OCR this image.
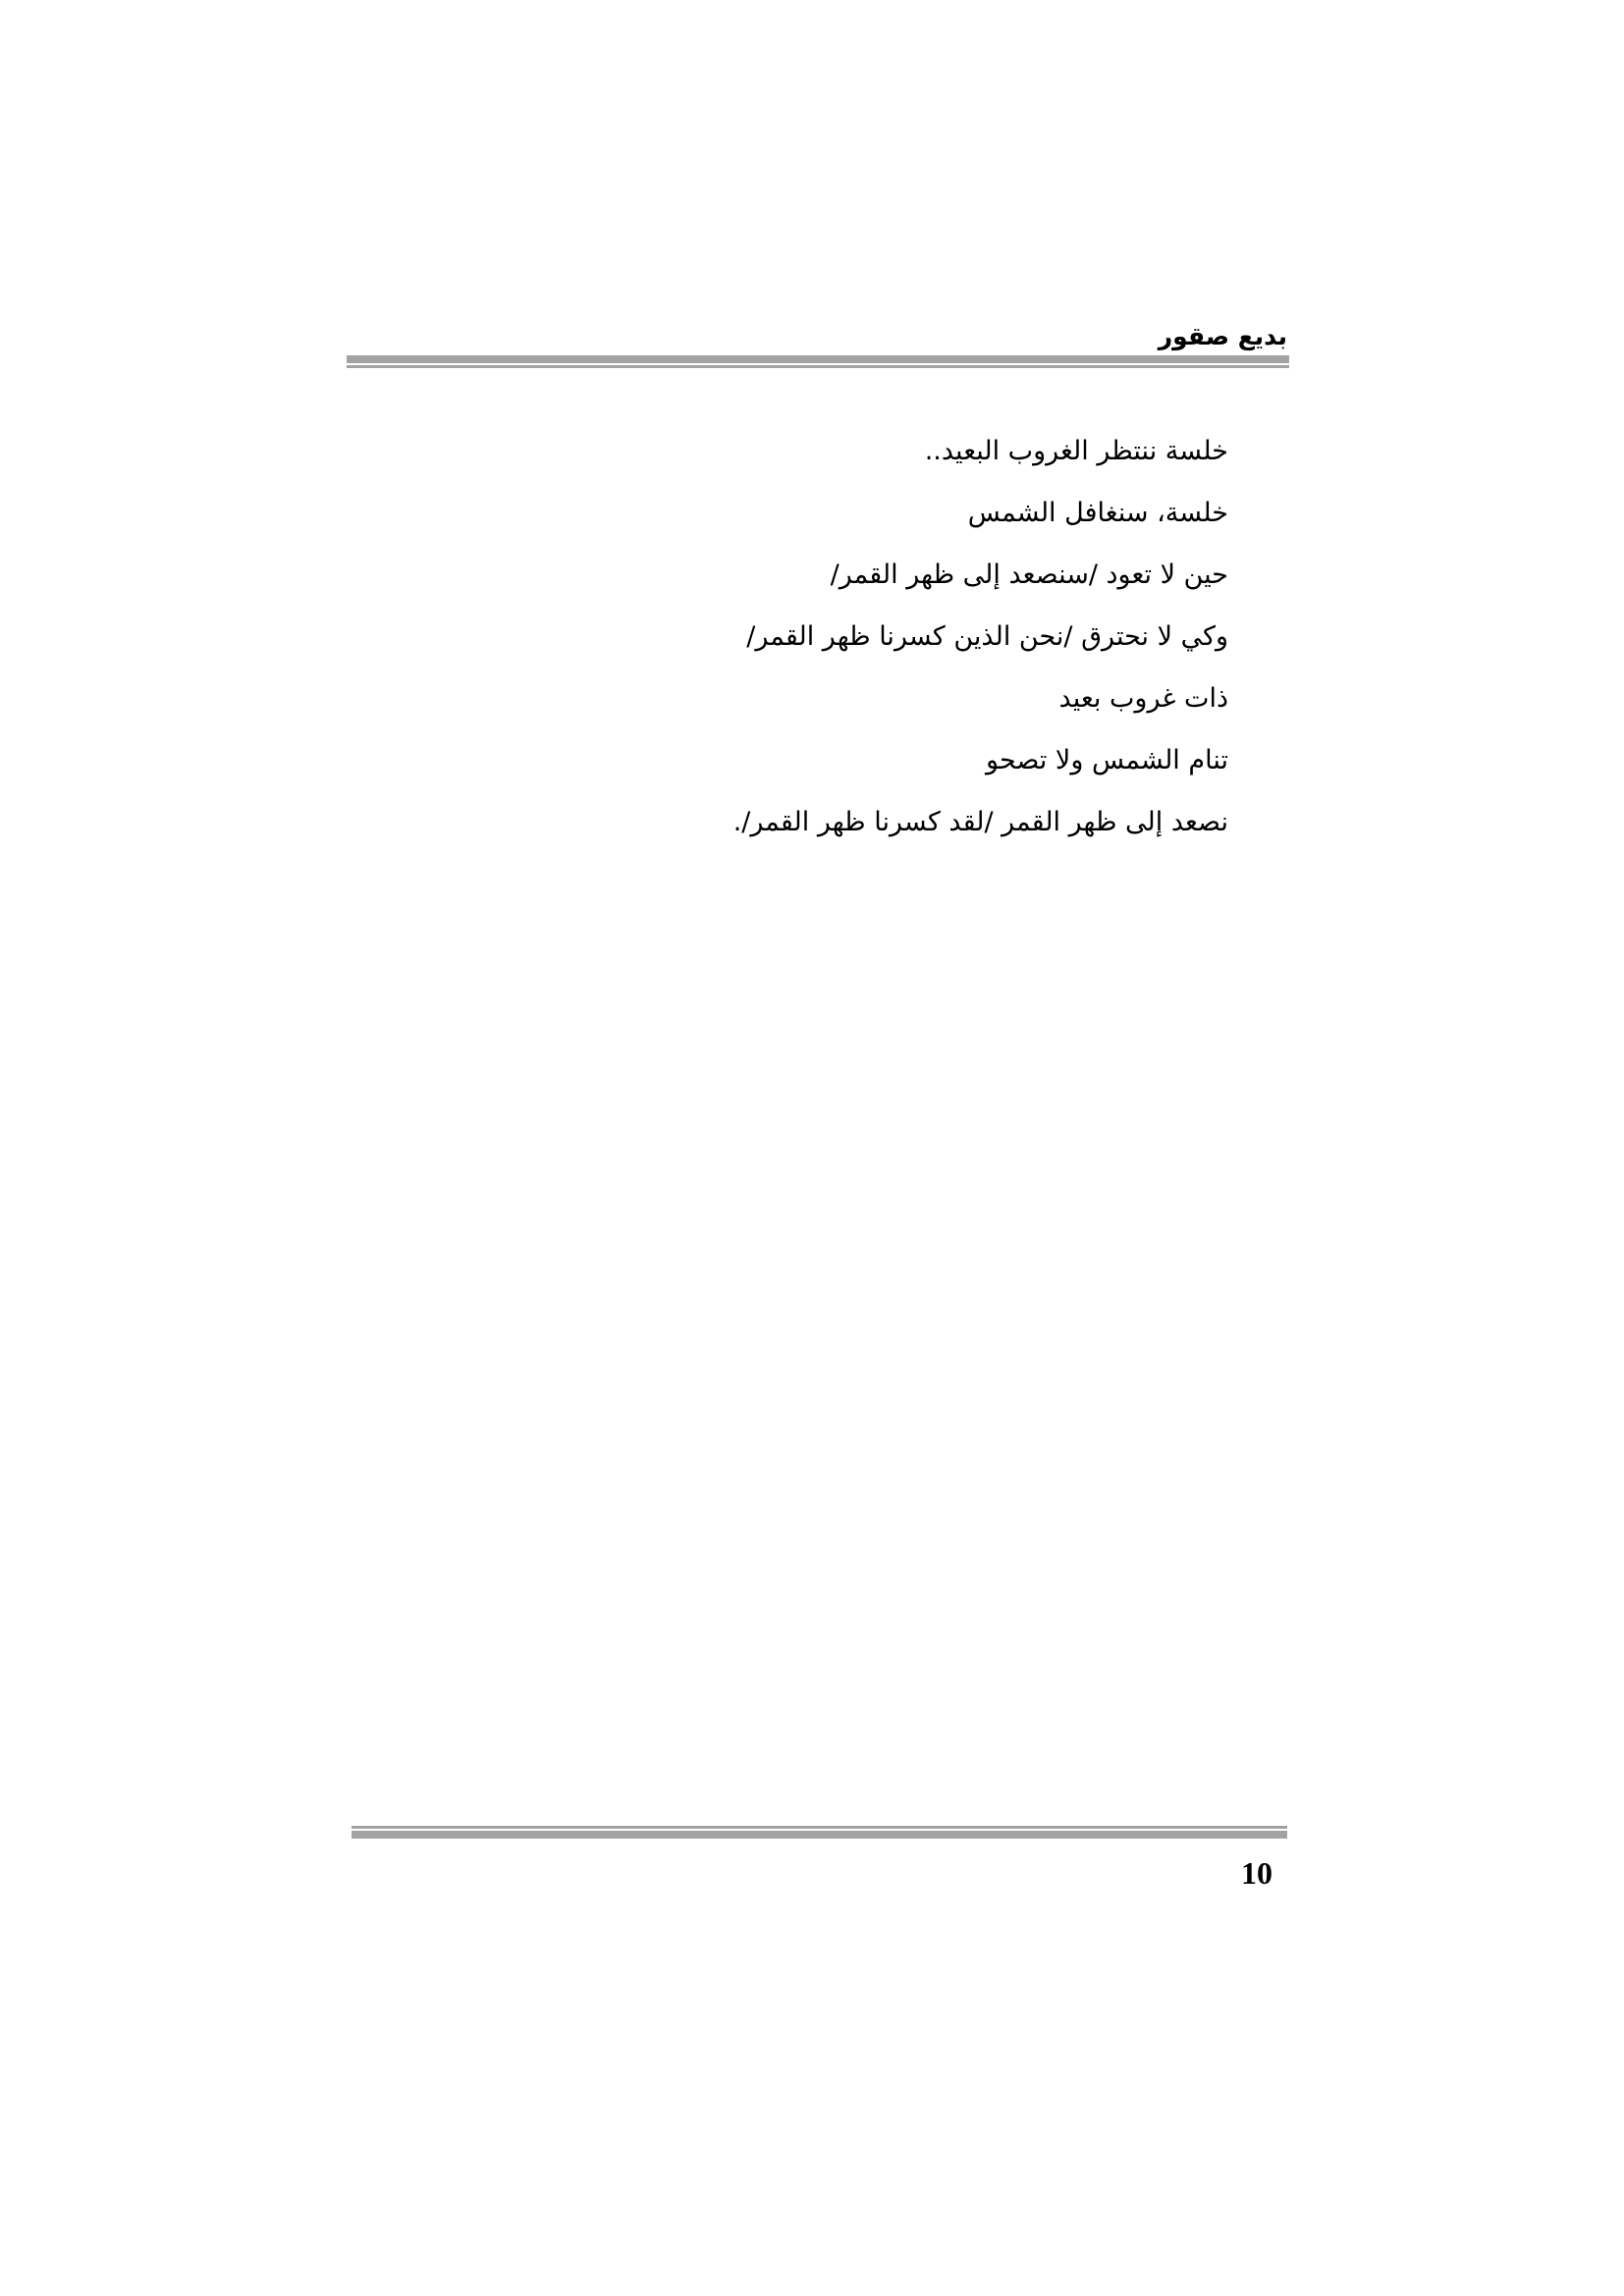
بديع صقور
خلسة ننتظر الغروب البعيد..
خلسة، سنغافل الشمس
حين لا تعود /سنصعد إلى ظهر القمر/
وكي لا نحترق /نحن الذين كسرنا ظهر القمر/
ذات غروب بعيد
تنام الشمس ولا تصحو
نصعد إلى ظهر القمر /لقد كسرنا ظهر القمر/.
10
